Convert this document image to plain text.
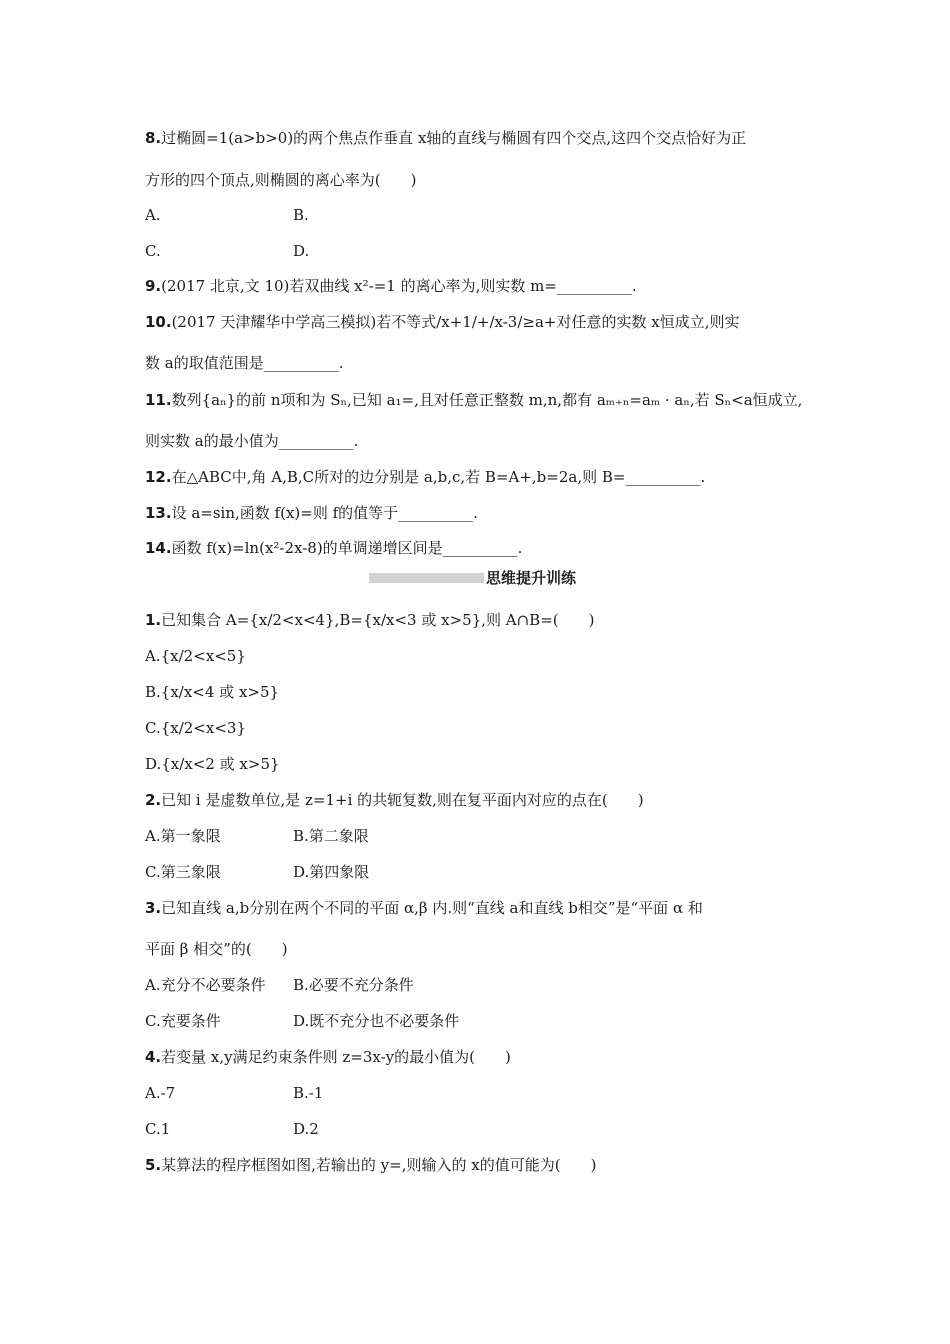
8.过椭圆=1(a>b>0)的两个焦点作垂直 x轴的直线与椭圆有四个交点,这四个交点恰好为正
方形的四个顶点,则椭圆的离心率为(　　)
A.	B.
C.	D.
9.(2017 北京,文 10)若双曲线 x²-=1 的离心率为,则实数 m=__________.
10.(2017 天津耀华中学高三模拟)若不等式/x+1/+/x-3/≥a+对任意的实数 x恒成立,则实
数 a的取值范围是__________.
11.数列{aₙ}的前 n项和为 Sₙ,已知 a₁=,且对任意正整数 m,n,都有 aₘ₊ₙ=aₘ · aₙ,若 Sₙ<a恒成立,
则实数 a的最小值为__________.
12.在△ABC中,角 A,B,C所对的边分别是 a,b,c,若 B=A+,b=2a,则 B=__________.
13.设 a=sin,函数 f(x)=则 f的值等于__________.
14.函数 f(x)=ln(x²-2x-8)的单调递增区间是__________.
思维提升训练
1.已知集合 A={x/2<x<4},B={x/x<3 或 x>5},则 A∩B=(　　)
A.{x/2<x<5}
B.{x/x<4 或 x>5}
C.{x/2<x<3}
D.{x/x<2 或 x>5}
2.已知 i 是虚数单位,是 z=1+i 的共轭复数,则在复平面内对应的点在(　　)
A.第一象限	B.第二象限
C.第三象限	D.第四象限
3.已知直线 a,b分别在两个不同的平面 α,β 内.则“直线 a和直线 b相交”是“平面 α 和
平面 β 相交”的(　　)
A.充分不必要条件 B.必要不充分条件
C.充要条件	D.既不充分也不必要条件
4.若变量 x,y满足约束条件则 z=3x-y的最小值为(　　)
A.-7	B.-1
C.1	D.2
5.某算法的程序框图如图,若输出的 y=,则输入的 x的值可能为(　　)
